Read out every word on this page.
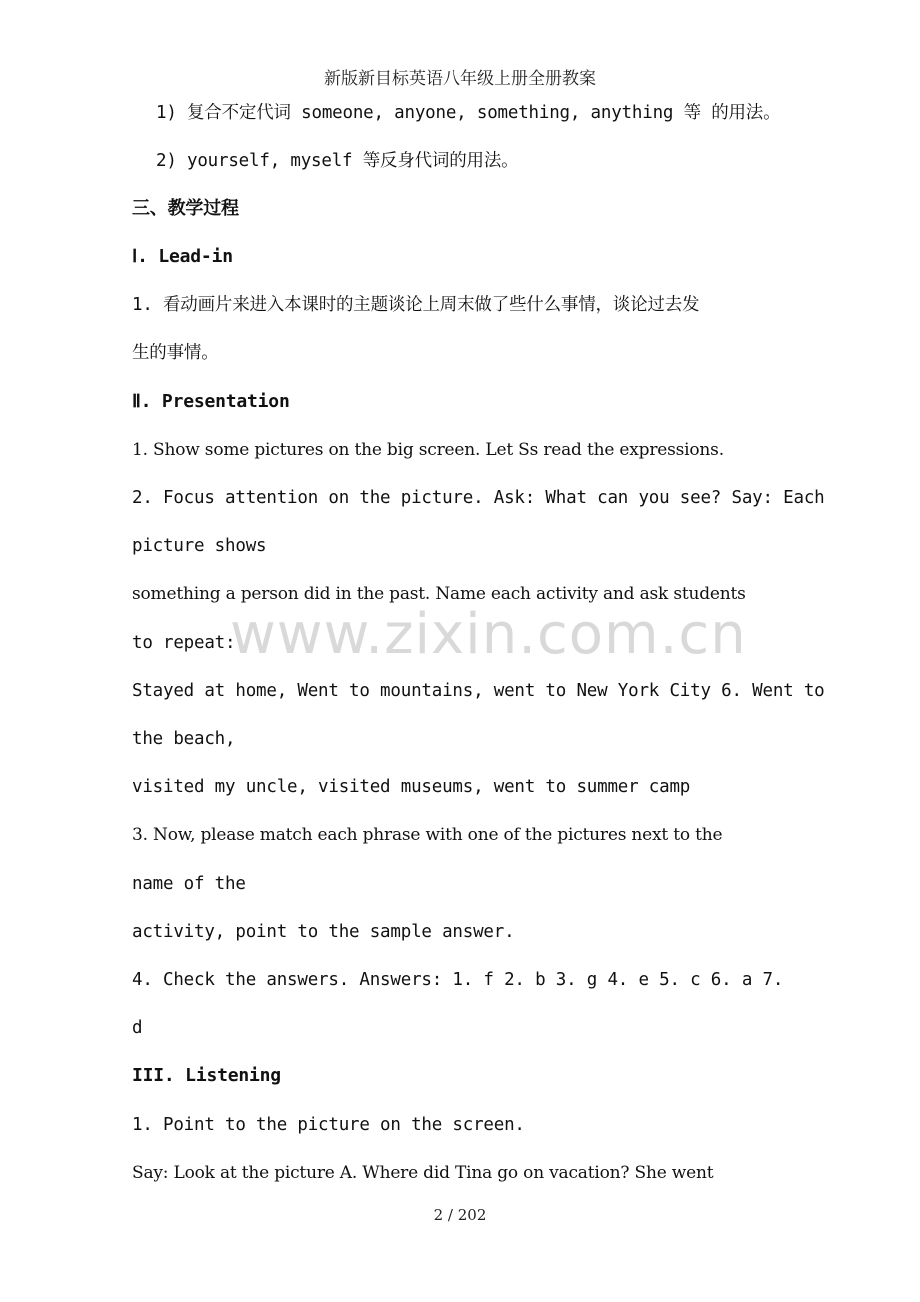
新版新目标英语八年级上册全册教案
www.zixin.com.cn
1) 复合不定代词 someone, anyone, something, anything 等 的用法。
2) yourself, myself 等反身代词的用法。
三、教学过程
Ⅰ. Lead-in
1. 看动画片来进入本课时的主题谈论上周末做了些什么事情，谈论过去发
生的事情。
Ⅱ. Presentation
1. Show some pictures on the big screen. Let Ss read the expressions.
2. Focus attention on the picture. Ask: What can you see? Say: Each
picture shows
something a person did in the past. Name each activity and ask students
to repeat:
Stayed at home, Went to mountains, went to New York City 6. Went to
the beach,
visited my uncle, visited museums, went to summer camp
3. Now, please match each phrase with one of the pictures next to the
name of the
activity, point to the sample answer.
4. Check the answers. Answers: 1. f 2. b 3. g 4. e 5. c 6. a 7.
d
III. Listening
1. Point to the picture on the screen.
Say: Look at the picture A. Where did Tina go on vacation? She went
2 / 202
